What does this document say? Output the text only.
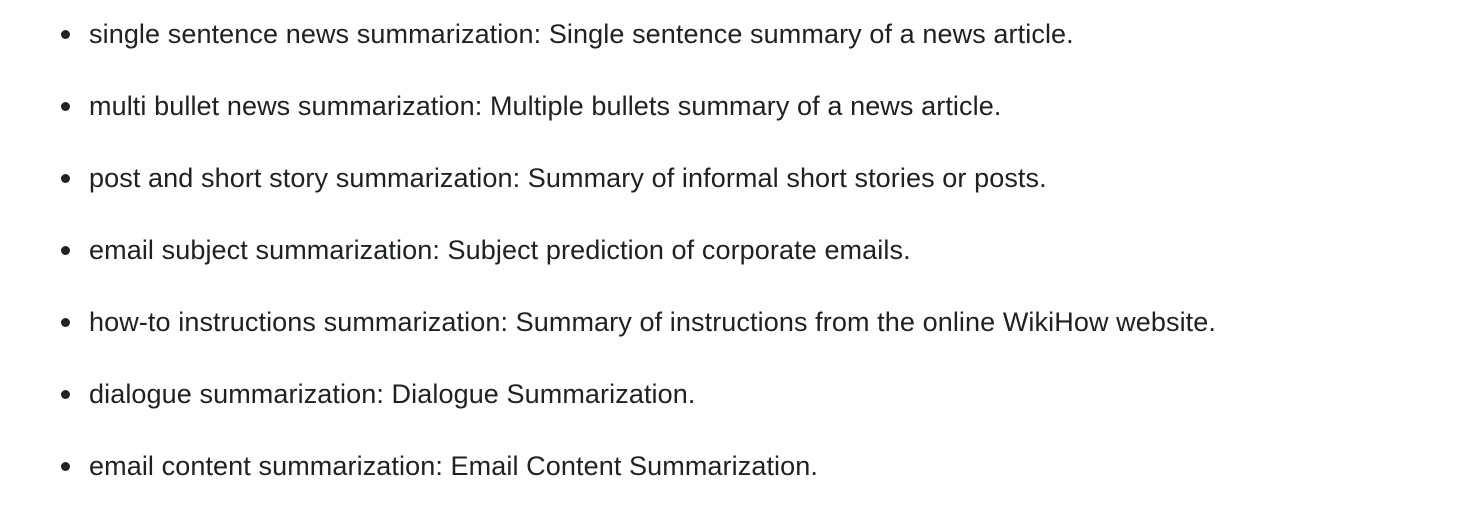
single sentence news summarization: Single sentence summary of a news article.
multi bullet news summarization: Multiple bullets summary of a news article.
post and short story summarization: Summary of informal short stories or posts.
email subject summarization: Subject prediction of corporate emails.
how-to instructions summarization: Summary of instructions from the online WikiHow website.
dialogue summarization: Dialogue Summarization.
email content summarization: Email Content Summarization.
